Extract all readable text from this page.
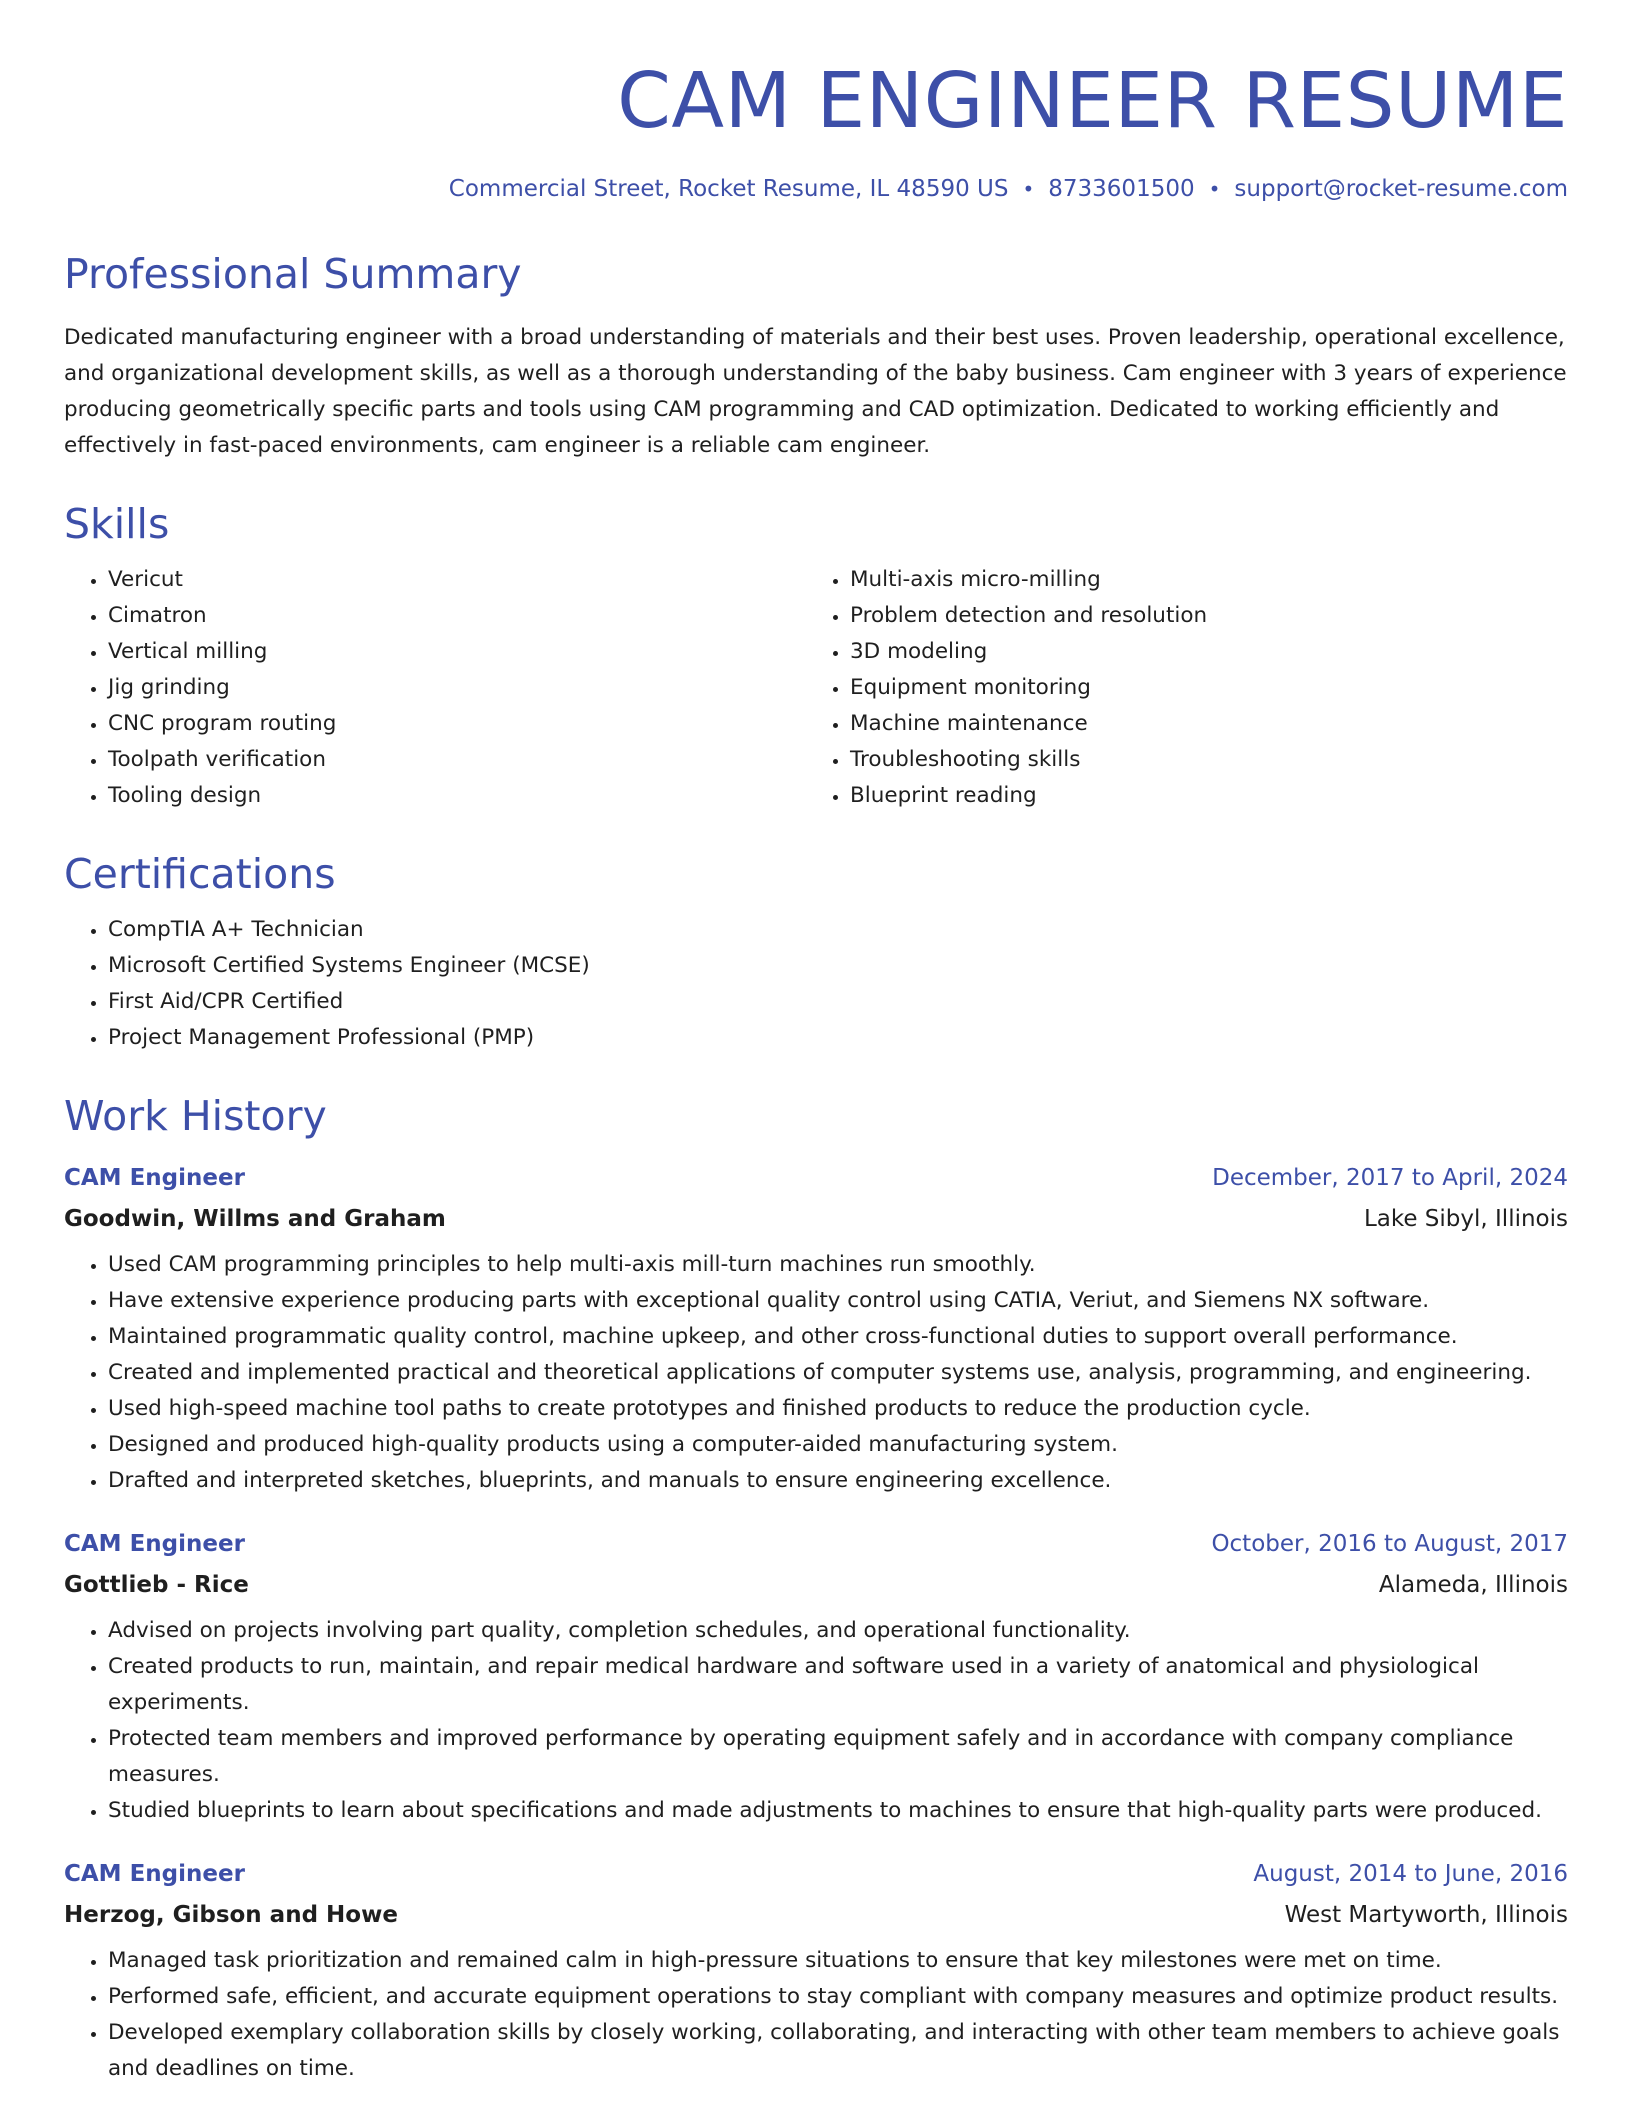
CAM ENGINEER RESUME
Commercial Street, Rocket Resume, IL 48590 US • 8733601500 • support@rocket-resume.com
Professional Summary

Dedicated manufacturing engineer with a broad understanding of materials and their best uses. Proven leadership, operational excellence, and organizational development skills, as well as a thorough understanding of the baby business. Cam engineer with 3 years of experience producing geometrically specific parts and tools using CAM programming and CAD optimization. Dedicated to working efficiently and effectively in fast-paced environments, cam engineer is a reliable cam engineer.

Skills
• Vericut
• Cimatron
• Vertical milling
• Jig grinding
• CNC program routing
• Toolpath verification
• Tooling design
• Multi-axis micro-milling
• Problem detection and resolution
• 3D modeling
• Equipment monitoring
• Machine maintenance
• Troubleshooting skills
• Blueprint reading
Certifications
• CompTIA A+ Technician
• Microsoft Certified Systems Engineer (MCSE)
• First Aid/CPR Certified
• Project Management Professional (PMP)
Work History
CAM Engineer	December, 2017 to April, 2024
Goodwin, Willms and Graham	Lake Sibyl, Illinois
• Used CAM programming principles to help multi-axis mill-turn machines run smoothly.
• Have extensive experience producing parts with exceptional quality control using CATIA, Veriut, and Siemens NX software.
• Maintained programmatic quality control, machine upkeep, and other cross-functional duties to support overall performance.
• Created and implemented practical and theoretical applications of computer systems use, analysis, programming, and engineering.
• Used high-speed machine tool paths to create prototypes and finished products to reduce the production cycle.
• Designed and produced high-quality products using a computer-aided manufacturing system.
• Drafted and interpreted sketches, blueprints, and manuals to ensure engineering excellence.
CAM Engineer	October, 2016 to August, 2017
Gottlieb - Rice	Alameda, Illinois
• Advised on projects involving part quality, completion schedules, and operational functionality.
• Created products to run, maintain, and repair medical hardware and software used in a variety of anatomical and physiological experiments.
• Protected team members and improved performance by operating equipment safely and in accordance with company compliance measures.
• Studied blueprints to learn about specifications and made adjustments to machines to ensure that high-quality parts were produced.
CAM Engineer	August, 2014 to June, 2016
Herzog, Gibson and Howe	West Martyworth, Illinois
• Managed task prioritization and remained calm in high-pressure situations to ensure that key milestones were met on time.
• Performed safe, efficient, and accurate equipment operations to stay compliant with company measures and optimize product results.
• Developed exemplary collaboration skills by closely working, collaborating, and interacting with other team members to achieve goals and deadlines on time.
